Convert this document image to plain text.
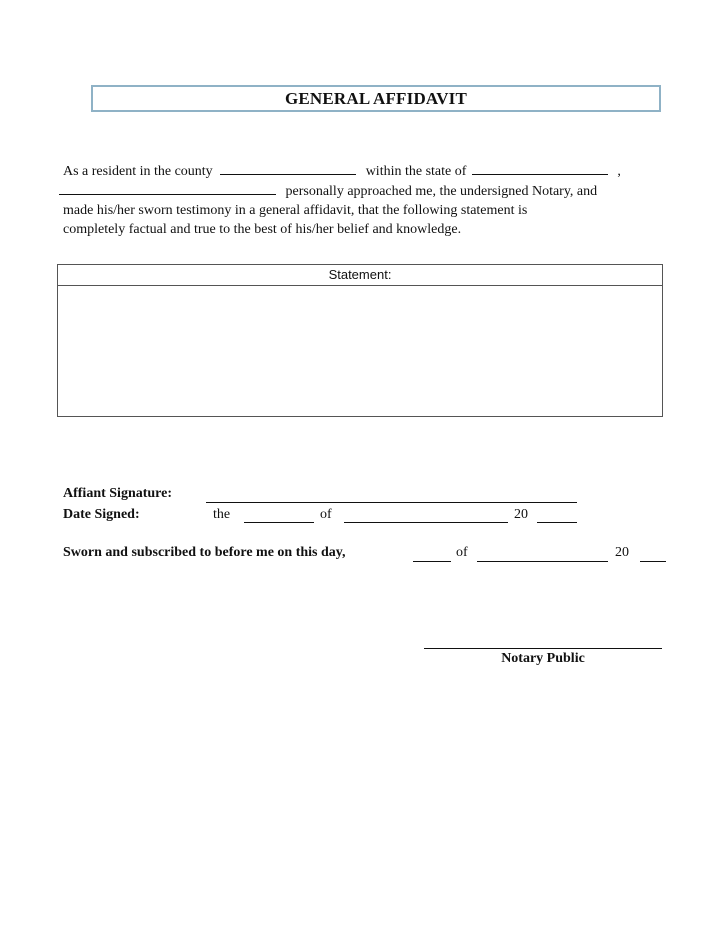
GENERAL AFFIDAVIT
As a resident in the county	within the state of	,
personally approached me, the undersigned Notary, and
made his/her sworn testimony in a general affidavit, that the following statement is
completely factual and true to the best of his/her belief and knowledge.
Statement:
Affiant Signature:
Date Signed:	the	of	20
Sworn and subscribed to before me on this day,	of	20
Notary Public
